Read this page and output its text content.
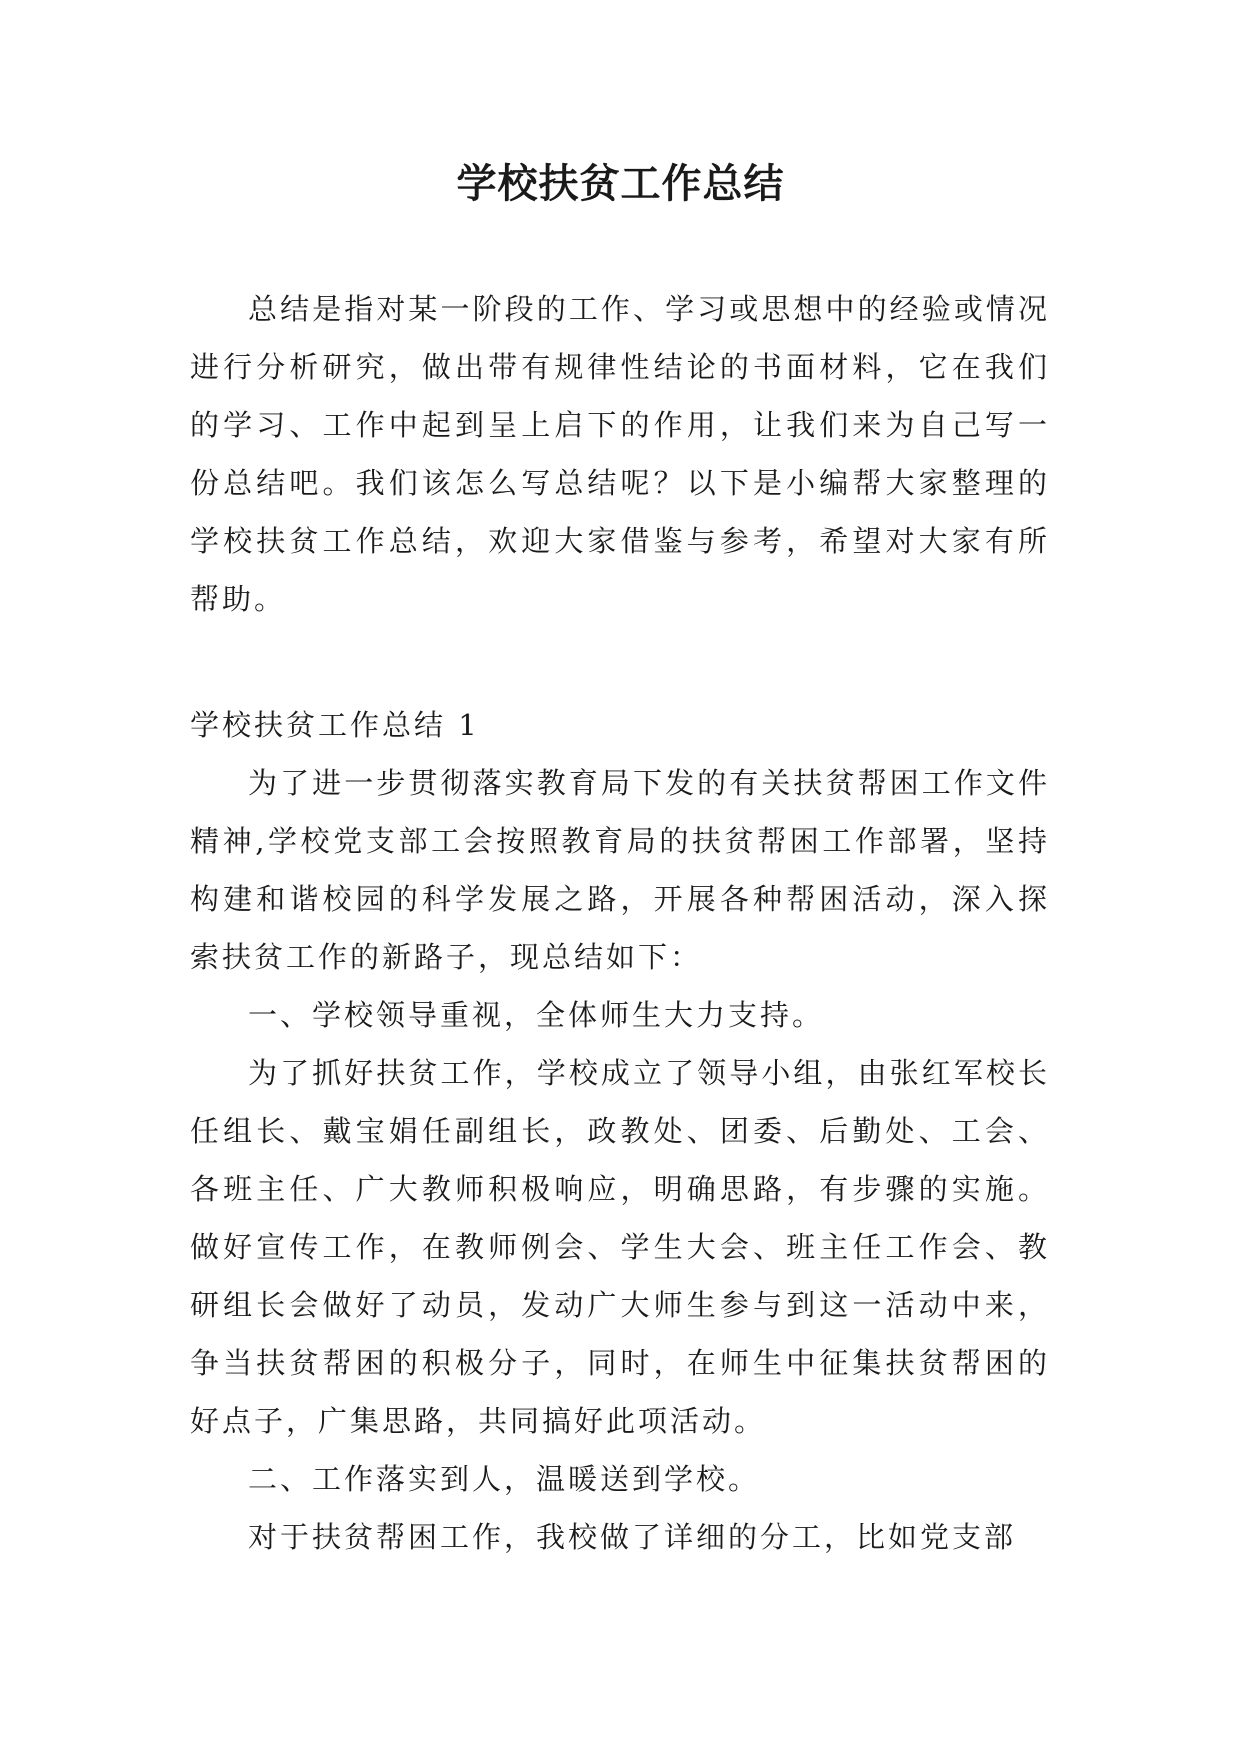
学校扶贫工作总结

总结是指对某一阶段的工作、学习或思想中的经验或情况进行分析研究，做出带有规律性结论的书面材料，它在我们的学习、工作中起到呈上启下的作用，让我们来为自己写一份总结吧。我们该怎么写总结呢？以下是小编帮大家整理的学校扶贫工作总结，欢迎大家借鉴与参考，希望对大家有所帮助。

学校扶贫工作总结 1

为了进一步贯彻落实教育局下发的有关扶贫帮困工作文件精神,学校党支部工会按照教育局的扶贫帮困工作部署，坚持构建和谐校园的科学发展之路，开展各种帮困活动，深入探索扶贫工作的新路子，现总结如下：

一、学校领导重视，全体师生大力支持。

为了抓好扶贫工作，学校成立了领导小组，由张红军校长任组长、戴宝娟任副组长，政教处、团委、后勤处、工会、各班主任、广大教师积极响应，明确思路，有步骤的实施。做好宣传工作，在教师例会、学生大会、班主任工作会、教研组长会做好了动员，发动广大师生参与到这一活动中来，争当扶贫帮困的积极分子，同时，在师生中征集扶贫帮困的好点子，广集思路，共同搞好此项活动。

二、工作落实到人，温暖送到学校。

对于扶贫帮困工作，我校做了详细的分工，比如党支部
